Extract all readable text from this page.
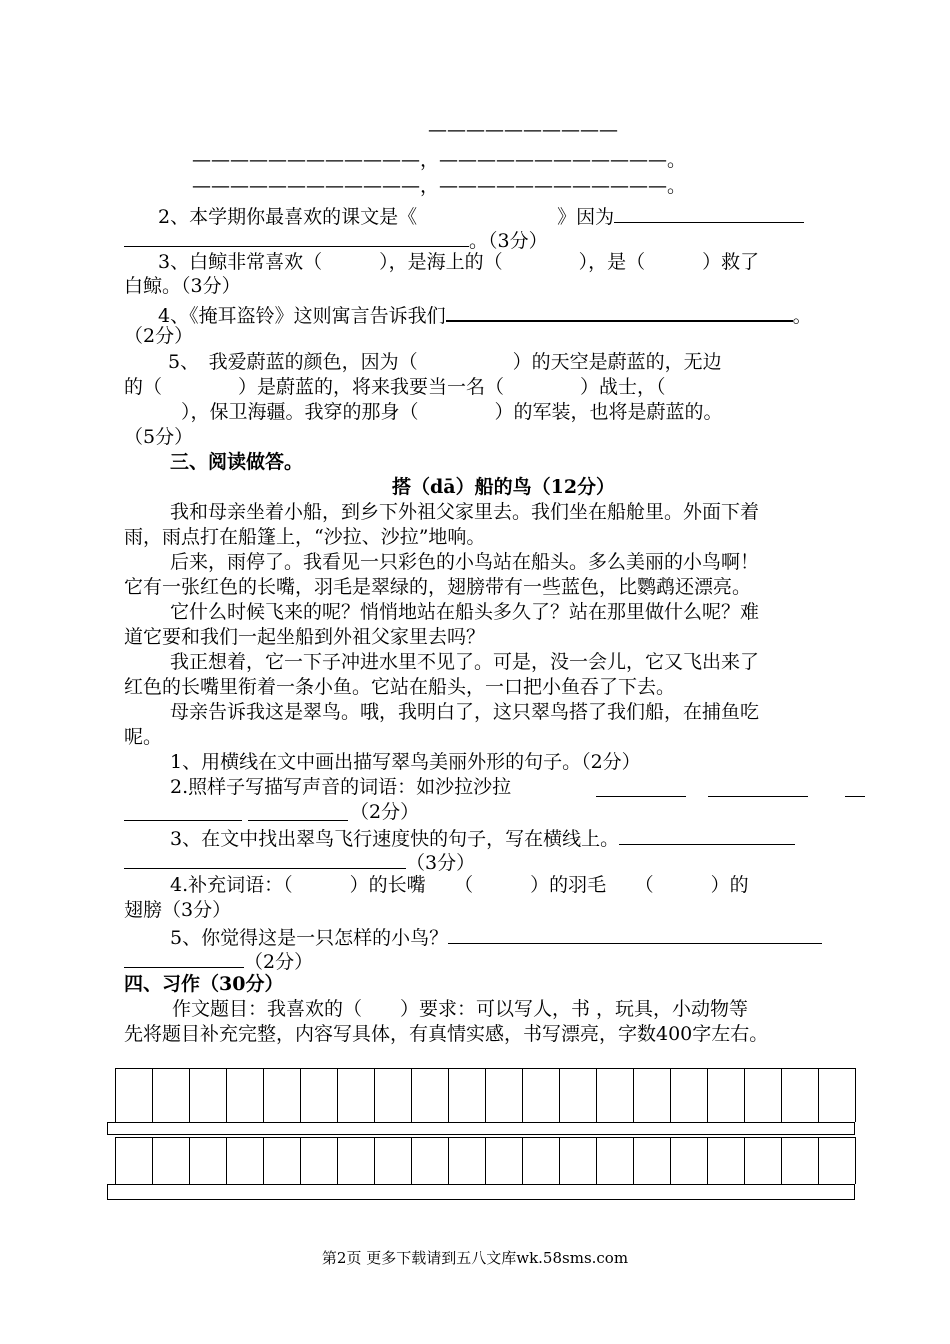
——————————
————————————，————————————。
————————————，————————————。
2、本学期你最喜欢的课文是《	》因为
。（3分）
3、白鲸非常喜欢（　　　），是海上的（　　　　），是（　　　）救了
白鲸。（3分）
4、《掩耳盗铃》这则寓言告诉我们	。
（2分）
5、　我爱蔚蓝的颜色，因为（　　　　　）的天空是蔚蓝的，无边
的（　　　　）是蔚蓝的，将来我要当一名（　　　　）战士，（
　　　），保卫海疆。我穿的那身（　　　　）的军装，也将是蔚蓝的。
（5分）
三、阅读做答。
搭（dā）船的鸟（12分）
我和母亲坐着小船，到乡下外祖父家里去。我们坐在船舱里。外面下着
雨，雨点打在船篷上，“沙拉、沙拉”地响。
后来，雨停了。我看见一只彩色的小鸟站在船头。多么美丽的小鸟啊！
它有一张红色的长嘴，羽毛是翠绿的，翅膀带有一些蓝色，比鹦鹉还漂亮。
它什么时候飞来的呢？悄悄地站在船头多久了？站在那里做什么呢？难
道它要和我们一起坐船到外祖父家里去吗？
我正想着，它一下子冲进水里不见了。可是，没一会儿，它又飞出来了
红色的长嘴里衔着一条小鱼。它站在船头，一口把小鱼吞了下去。
母亲告诉我这是翠鸟。哦，我明白了，这只翠鸟搭了我们船，在捕鱼吃
呢。
1、用横线在文中画出描写翠鸟美丽外形的句子。（2分）
2.照样子写描写声音的词语：如沙拉沙拉
（2分）
3、在文中找出翠鸟飞行速度快的句子，写在横线上。
（3分）
4.补充词语：（　　　）的长嘴　　（　　　）的羽毛　　（　　　）的
翅膀（3分）
5、你觉得这是一只怎样的小鸟？
（2分）
四、习作（30分）
作文题目：我喜欢的（　　）要求：可以写人，书 ，玩具，小动物等
先将题目补充完整，内容写具体，有真情实感，书写漂亮，字数400字左右。
第2页 更多下载请到五八文库wk.58sms.com
